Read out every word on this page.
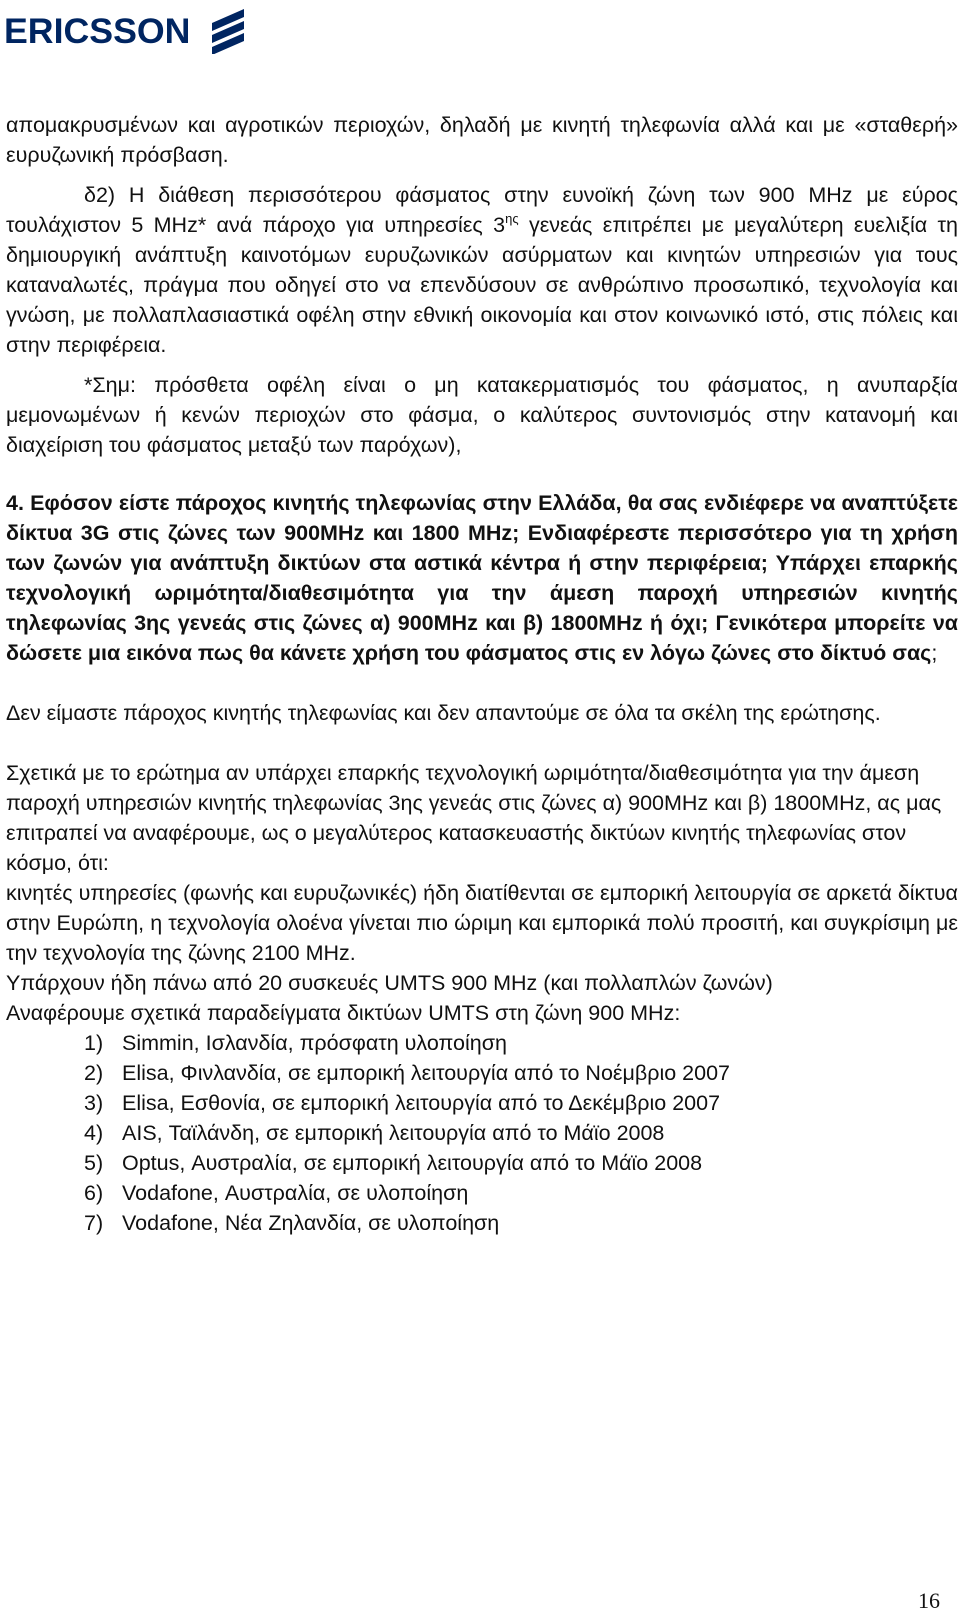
ERICSSON

απομακρυσμένων και αγροτικών περιοχών, δηλαδή με κινητή τηλεφωνία αλλά και με «σταθερή» ευρυζωνική πρόσβαση.

δ2) Η διάθεση περισσότερου φάσματος στην ευνοϊκή ζώνη των 900 MHz με εύρος τουλάχιστον 5 MHz* ανά πάροχο για υπηρεσίες $3^{\eta\varsigma}$ γενεάς επιτρέπει με μεγαλύτερη ευελιξία τη δημιουργική ανάπτυξη καινοτόμων ευρυζωνικών ασύρματων και κινητών υπηρεσιών για τους καταναλωτές, πράγμα που οδηγεί στο να επενδύσουν σε ανθρώπινο προσωπικό, τεχνολογία και γνώση, με πολλαπλασιαστικά οφέλη στην εθνική οικονομία και στον κοινωνικό ιστό, στις πόλεις και στην περιφέρεια.

*Σημ: πρόσθετα οφέλη είναι ο μη κατακερματισμός του φάσματος, η ανυπαρξία μεμονωμένων ή κενών περιοχών στο φάσμα, ο καλύτερος συντονισμός στην κατανομή και διαχείριση του φάσματος μεταξύ των παρόχων),

4. Εφόσον είστε πάροχος κινητής τηλεφωνίας στην Ελλάδα, θα σας ενδιέφερε να αναπτύξετε δίκτυα 3G στις ζώνες των 900MHz και 1800 MHz; Ενδιαφέρεστε περισσότερο για τη χρήση των ζωνών για ανάπτυξη δικτύων στα αστικά κέντρα ή στην περιφέρεια; Υπάρχει επαρκής τεχνολογική ωριμότητα/διαθεσιμότητα για την άμεση παροχή υπηρεσιών κινητής τηλεφωνίας 3ης γενεάς στις ζώνες α) 900MHz και β) 1800MHz ή όχι; Γενικότερα μπορείτε να δώσετε μια εικόνα πως θα κάνετε χρήση του φάσματος στις εν λόγω ζώνες στο δίκτυό σας;

Δεν είμαστε πάροχος κινητής τηλεφωνίας και δεν απαντούμε σε όλα τα σκέλη της ερώτησης.

Σχετικά με το ερώτημα αν υπάρχει επαρκής τεχνολογική ωριμότητα/διαθεσιμότητα για την άμεση παροχή υπηρεσιών κινητής τηλεφωνίας 3ης γενεάς στις ζώνες α) 900MHz και β) 1800MHz, ας μας επιτραπεί να αναφέρουμε, ως ο μεγαλύτερος κατασκευαστής δικτύων κινητής τηλεφωνίας στον κόσμο, ότι:

κινητές υπηρεσίες (φωνής και ευρυζωνικές) ήδη διατίθενται σε εμπορική λειτουργία σε αρκετά δίκτυα στην Ευρώπη, η τεχνολογία ολοένα γίνεται πιο ώριμη και εμπορικά πολύ προσιτή, και συγκρίσιμη με την τεχνολογία της ζώνης 2100 MHz.

Υπάρχουν ήδη πάνω από 20 συσκευές UMTS 900 MHz (και πολλαπλών ζωνών)

Αναφέρουμε σχετικά παραδείγματα δικτύων UMTS στη ζώνη 900 MHz:

1) Simmin, Ισλανδία, πρόσφατη υλοποίηση
2) Elisa, Φινλανδία, σε εμπορική λειτουργία από το Νοέμβριο 2007
3) Elisa, Εσθονία, σε εμπορική λειτουργία από το Δεκέμβριο 2007
4) AIS, Ταϊλάνδη, σε εμπορική λειτουργία από το Μάϊο 2008
5) Optus, Αυστραλία, σε εμπορική λειτουργία από το Μάϊο 2008
6) Vodafone, Αυστραλία, σε υλοποίηση
7) Vodafone, Νέα Ζηλανδία, σε υλοποίηση
16
